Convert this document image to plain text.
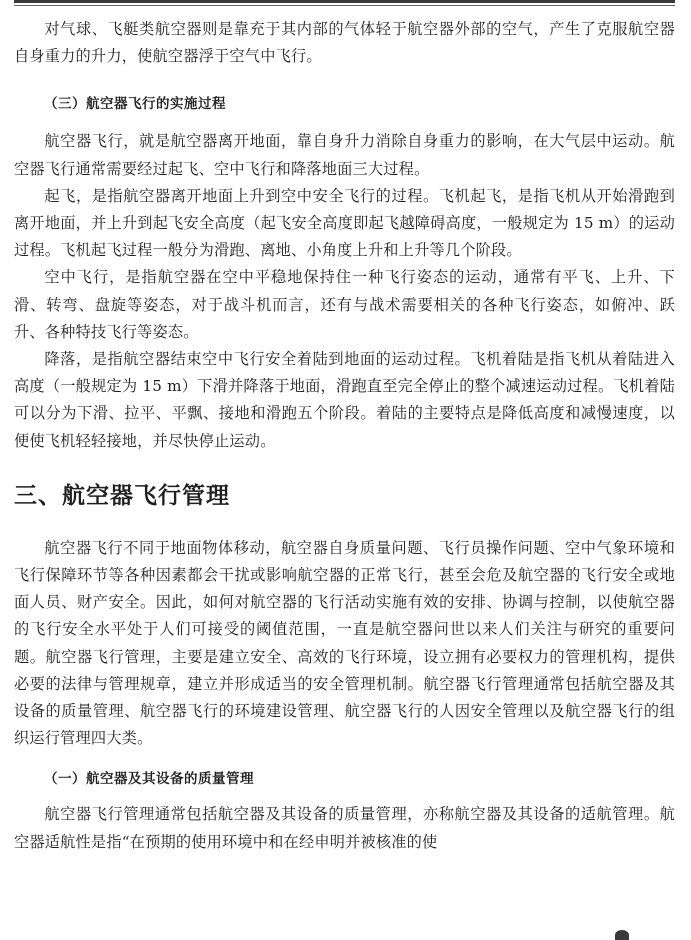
对气球、飞艇类航空器则是靠充于其内部的气体轻于航空器外部的空气，产生了克服航空器自身重力的升力，使航空器浮于空气中飞行。

（三）航空器飞行的实施过程

航空器飞行，就是航空器离开地面，靠自身升力消除自身重力的影响，在大气层中运动。航空器飞行通常需要经过起飞、空中飞行和降落地面三大过程。

起飞，是指航空器离开地面上升到空中安全飞行的过程。飞机起飞，是指飞机从开始滑跑到离开地面，并上升到起飞安全高度（起飞安全高度即起飞越障碍高度，一般规定为 15 m）的运动过程。飞机起飞过程一般分为滑跑、离地、小角度上升和上升等几个阶段。

空中飞行，是指航空器在空中平稳地保持住一种飞行姿态的运动，通常有平飞、上升、下滑、转弯、盘旋等姿态，对于战斗机而言，还有与战术需要相关的各种飞行姿态，如俯冲、跃升、各种特技飞行等姿态。

降落，是指航空器结束空中飞行安全着陆到地面的运动过程。飞机着陆是指飞机从着陆进入高度（一般规定为 15 m）下滑并降落于地面，滑跑直至完全停止的整个减速运动过程。飞机着陆可以分为下滑、拉平、平飘、接地和滑跑五个阶段。着陆的主要特点是降低高度和减慢速度，以便使飞机轻轻接地，并尽快停止运动。

三、航空器飞行管理

航空器飞行不同于地面物体移动，航空器自身质量问题、飞行员操作问题、空中气象环境和飞行保障环节等各种因素都会干扰或影响航空器的正常飞行，甚至会危及航空器的飞行安全或地面人员、财产安全。因此，如何对航空器的飞行活动实施有效的安排、协调与控制，以使航空器的飞行安全水平处于人们可接受的阈值范围，一直是航空器问世以来人们关注与研究的重要问题。航空器飞行管理，主要是建立安全、高效的飞行环境，设立拥有必要权力的管理机构，提供必要的法律与管理规章，建立并形成适当的安全管理机制。航空器飞行管理通常包括航空器及其设备的质量管理、航空器飞行的环境建设管理、航空器飞行的人因安全管理以及航空器飞行的组织运行管理四大类。

（一）航空器及其设备的质量管理

航空器飞行管理通常包括航空器及其设备的质量管理，亦称航空器及其设备的适航管理。航空器适航性是指“在预期的使用环境中和在经申明并被核准的使
